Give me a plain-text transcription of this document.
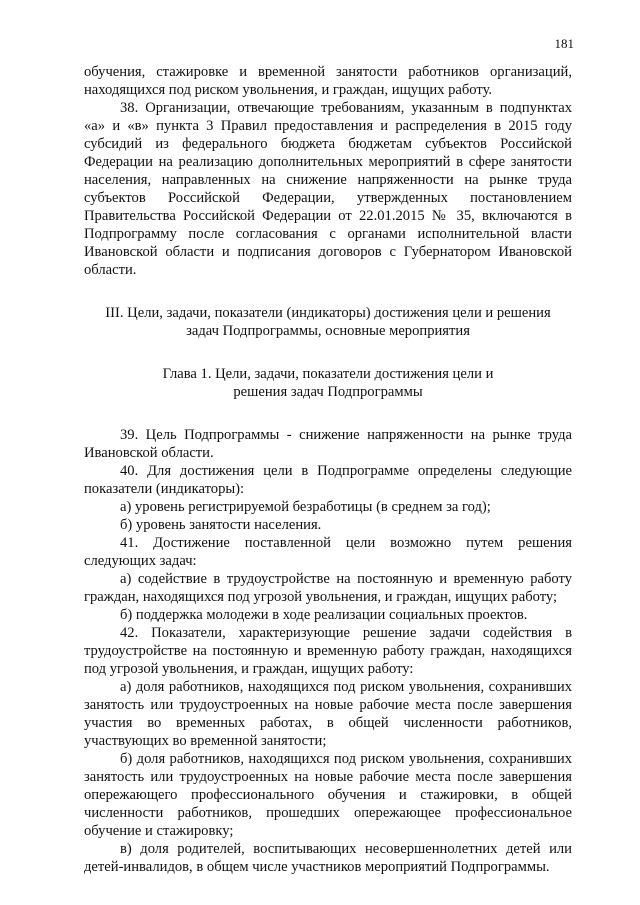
181

обучения, стажировке и временной занятости работников организаций, находящихся под риском увольнения, и граждан, ищущих работу.

38. Организации, отвечающие требованиям, указанным в подпунктах «а» и «в» пункта 3 Правил предоставления и распределения в 2015 году субсидий из федерального бюджета бюджетам субъектов Российской Федерации на реализацию дополнительных мероприятий в сфере занятости населения, направленных на снижение напряженности на рынке труда субъектов Российской Федерации, утвержденных постановлением Правительства Российской Федерации от 22.01.2015 № 35, включаются в Подпрограмму после согласования с органами исполнительной власти Ивановской области и подписания договоров с Губернатором Ивановской области.

III. Цели, задачи, показатели (индикаторы) достижения цели и решения
задач Подпрограммы, основные мероприятия
Глава 1. Цели, задачи, показатели достижения цели и
решения задач Подпрограммы

39. Цель Подпрограммы - снижение напряженности на рынке труда Ивановской области.

40. Для достижения цели в Подпрограмме определены следующие показатели (индикаторы):

а) уровень регистрируемой безработицы (в среднем за год);

б) уровень занятости населения.

41. Достижение поставленной цели возможно путем решения следующих задач:

а) содействие в трудоустройстве на постоянную и временную работу граждан, находящихся под угрозой увольнения, и граждан, ищущих работу;

б) поддержка молодежи в ходе реализации социальных проектов.

42. Показатели, характеризующие решение задачи содействия в трудоустройстве на постоянную и временную работу граждан, находящихся под угрозой увольнения, и граждан, ищущих работу:

а) доля работников, находящихся под риском увольнения, сохранивших занятость или трудоустроенных на новые рабочие места после завершения участия во временных работах, в общей численности работников, участвующих во временной занятости;

б) доля работников, находящихся под риском увольнения, сохранивших занятость или трудоустроенных на новые рабочие места после завершения опережающего профессионального обучения и стажировки, в общей численности работников, прошедших опережающее профессиональное обучение и стажировку;

в) доля родителей, воспитывающих несовершеннолетних детей или детей-инвалидов, в общем числе участников мероприятий Подпрограммы.
